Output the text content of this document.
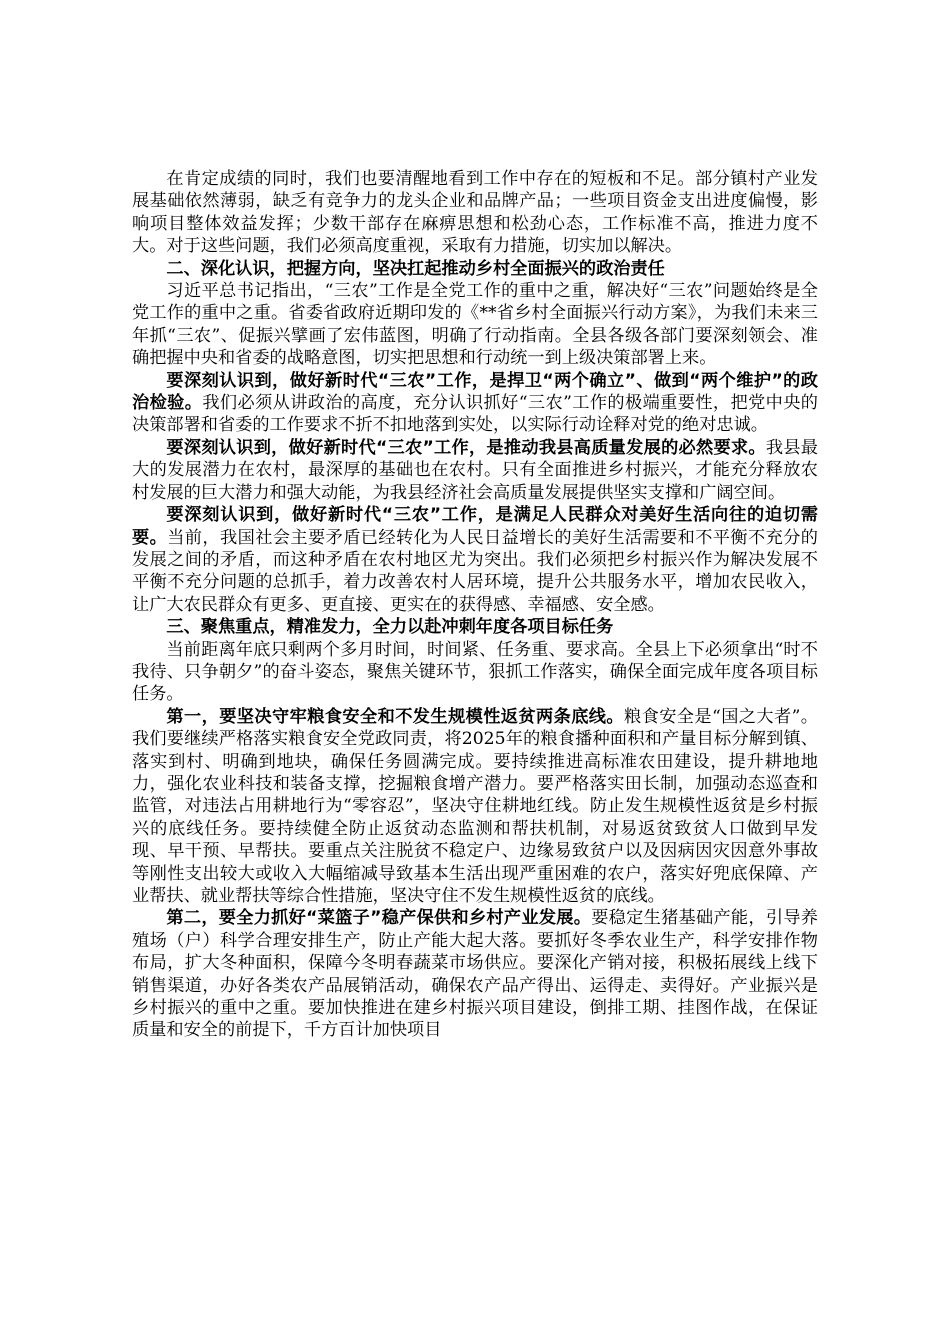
在肯定成绩的同时，我们也要清醒地看到工作中存在的短板和不足。部分镇村产业发展基础依然薄弱，缺乏有竞争力的龙头企业和品牌产品；一些项目资金支出进度偏慢，影响项目整体效益发挥；少数干部存在麻痹思想和松劲心态，工作标准不高，推进力度不大。对于这些问题，我们必须高度重视，采取有力措施，切实加以解决。

二、深化认识，把握方向，坚决扛起推动乡村全面振兴的政治责任

习近平总书记指出，“三农”工作是全党工作的重中之重，解决好“三农”问题始终是全党工作的重中之重。省委省政府近期印发的《**省乡村全面振兴行动方案》，为我们未来三年抓“三农”、促振兴擘画了宏伟蓝图，明确了行动指南。全县各级各部门要深刻领会、准确把握中央和省委的战略意图，切实把思想和行动统一到上级决策部署上来。

要深刻认识到，做好新时代“三农”工作，是捍卫“两个确立”、做到“两个维护”的政治检验。我们必须从讲政治的高度，充分认识抓好“三农”工作的极端重要性，把党中央的决策部署和省委的工作要求不折不扣地落到实处，以实际行动诠释对党的绝对忠诚。

要深刻认识到，做好新时代“三农”工作，是推动我县高质量发展的必然要求。我县最大的发展潜力在农村，最深厚的基础也在农村。只有全面推进乡村振兴，才能充分释放农村发展的巨大潜力和强大动能，为我县经济社会高质量发展提供坚实支撑和广阔空间。

要深刻认识到，做好新时代“三农”工作，是满足人民群众对美好生活向往的迫切需要。当前，我国社会主要矛盾已经转化为人民日益增长的美好生活需要和不平衡不充分的发展之间的矛盾，而这种矛盾在农村地区尤为突出。我们必须把乡村振兴作为解决发展不平衡不充分问题的总抓手，着力改善农村人居环境，提升公共服务水平，增加农民收入，让广大农民群众有更多、更直接、更实在的获得感、幸福感、安全感。

三、聚焦重点，精准发力，全力以赴冲刺年度各项目标任务

当前距离年底只剩两个多月时间，时间紧、任务重、要求高。全县上下必须拿出“时不我待、只争朝夕”的奋斗姿态，聚焦关键环节，狠抓工作落实，确保全面完成年度各项目标任务。

第一，要坚决守牢粮食安全和不发生规模性返贫两条底线。粮食安全是“国之大者”。我们要继续严格落实粮食安全党政同责，将2025年的粮食播种面积和产量目标分解到镇、落实到村、明确到地块，确保任务圆满完成。要持续推进高标准农田建设，提升耕地地力，强化农业科技和装备支撑，挖掘粮食增产潜力。要严格落实田长制，加强动态巡查和监管，对违法占用耕地行为“零容忍”，坚决守住耕地红线。防止发生规模性返贫是乡村振兴的底线任务。要持续健全防止返贫动态监测和帮扶机制，对易返贫致贫人口做到早发现、早干预、早帮扶。要重点关注脱贫不稳定户、边缘易致贫户以及因病因灾因意外事故等刚性支出较大或收入大幅缩减导致基本生活出现严重困难的农户，落实好兜底保障、产业帮扶、就业帮扶等综合性措施，坚决守住不发生规模性返贫的底线。

第二，要全力抓好“菜篮子”稳产保供和乡村产业发展。要稳定生猪基础产能，引导养殖场（户）科学合理安排生产，防止产能大起大落。要抓好冬季农业生产，科学安排作物布局，扩大冬种面积，保障今冬明春蔬菜市场供应。要深化产销对接，积极拓展线上线下销售渠道，办好各类农产品展销活动，确保农产品产得出、运得走、卖得好。产业振兴是乡村振兴的重中之重。要加快推进在建乡村振兴项目建设，倒排工期、挂图作战，在保证质量和安全的前提下，千方百计加快项目
